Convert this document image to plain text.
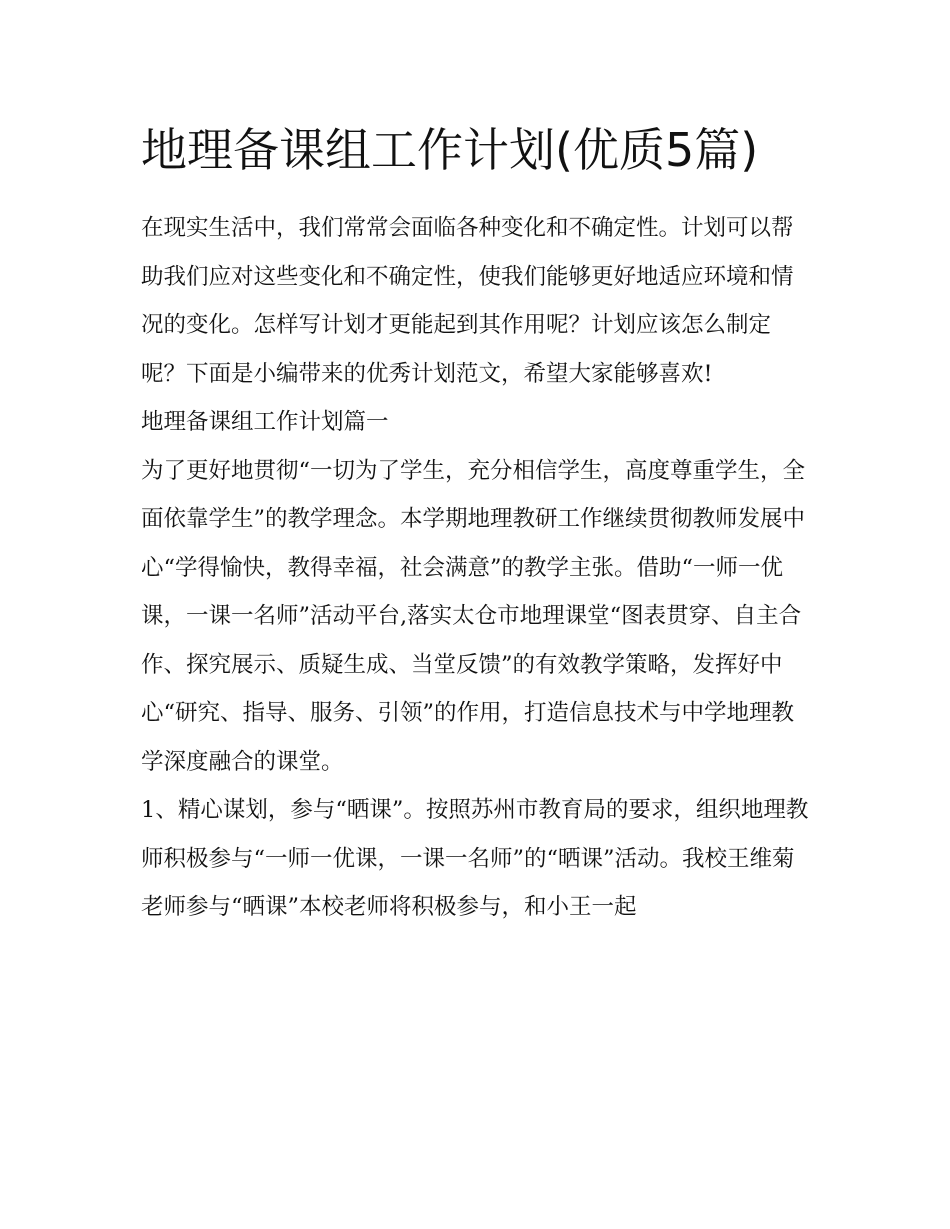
地理备课组工作计划(优质5篇)

在现实生活中，我们常常会面临各种变化和不确定性。计划可以帮助我们应对这些变化和不确定性，使我们能够更好地适应环境和情况的变化。怎样写计划才更能起到其作用呢？计划应该怎么制定呢？下面是小编带来的优秀计划范文，希望大家能够喜欢!

地理备课组工作计划篇一

为了更好地贯彻“一切为了学生，充分相信学生，高度尊重学生，全面依靠学生”的教学理念。本学期地理教研工作继续贯彻教师发展中心“学得愉快，教得幸福，社会满意”的教学主张。借助“一师一优课，一课一名师”活动平台,落实太仓市地理课堂“图表贯穿、自主合作、探究展示、质疑生成、当堂反馈”的有效教学策略，发挥好中心“研究、指导、服务、引领”的作用，打造信息技术与中学地理教学深度融合的课堂。

1、精心谋划，参与“晒课”。按照苏州市教育局的要求，组织地理教师积极参与“一师一优课，一课一名师”的“晒课”活动。我校王维菊老师参与“晒课”本校老师将积极参与，和小王一起
